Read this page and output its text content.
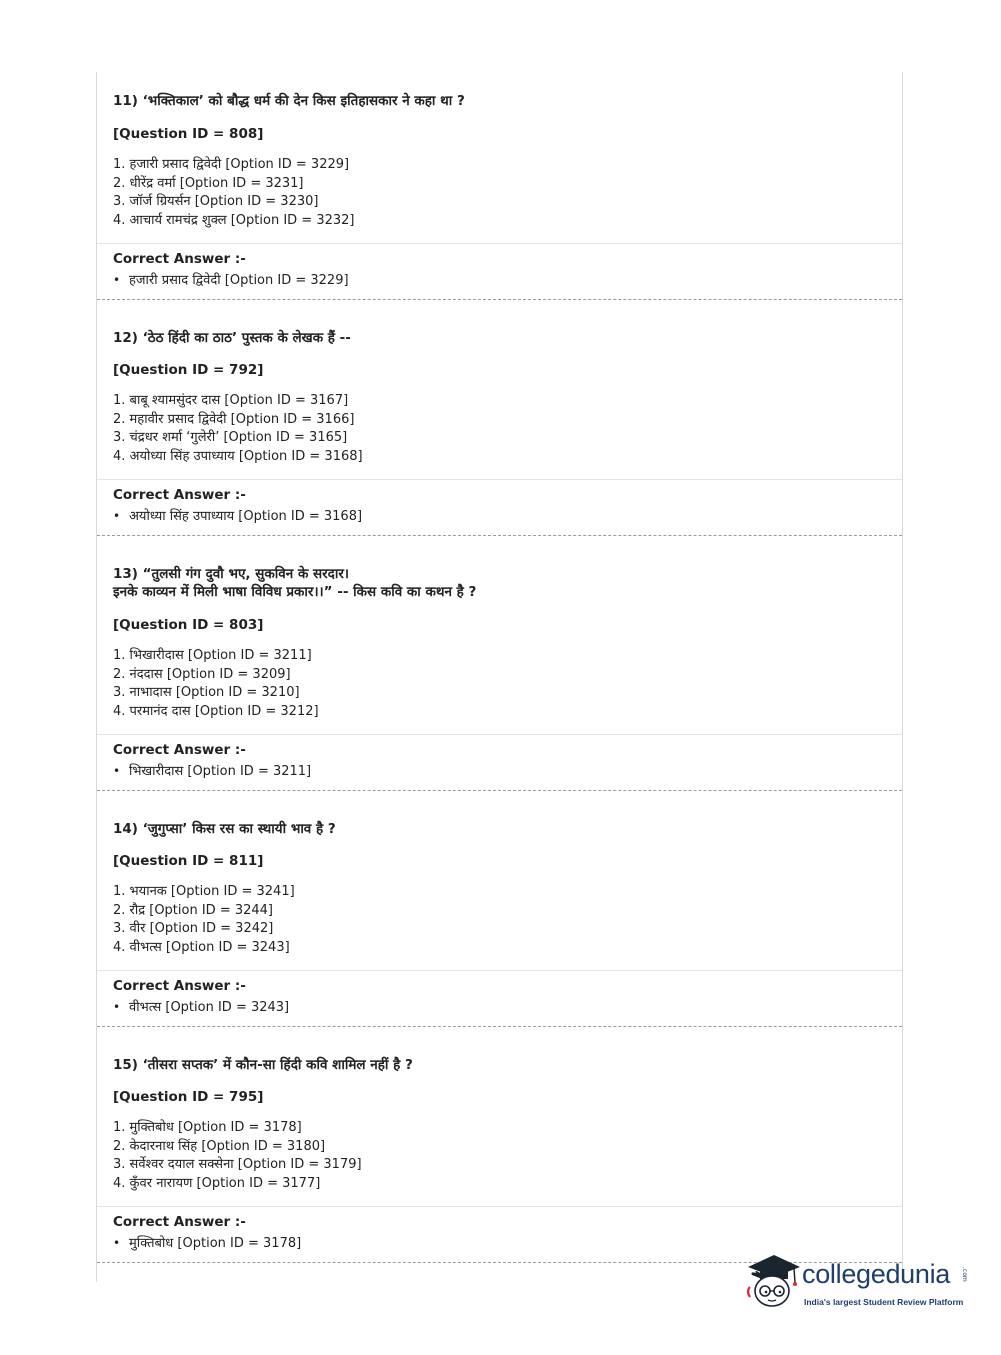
11) ‘भक्तिकाल’ को बौद्ध धर्म की देन किस इतिहासकार ने कहा था ?
[Question ID = 808]
1. हजारी प्रसाद द्विवेदी [Option ID = 3229]
2. धीरेंद्र वर्मा [Option ID = 3231]
3. जॉर्ज ग्रियर्सन [Option ID = 3230]
4. आचार्य रामचंद्र शुक्ल [Option ID = 3232]
Correct Answer :-
• हजारी प्रसाद द्विवेदी [Option ID = 3229]
12) ‘ठेठ हिंदी का ठाठ’ पुस्तक के लेखक हैं --
[Question ID = 792]
1. बाबू श्यामसुंदर दास [Option ID = 3167]
2. महावीर प्रसाद द्विवेदी [Option ID = 3166]
3. चंद्रधर शर्मा ‘गुलेरी’ [Option ID = 3165]
4. अयोध्या सिंह उपाध्याय [Option ID = 3168]
Correct Answer :-
• अयोध्या सिंह उपाध्याय [Option ID = 3168]
13) “तुलसी गंग दुवौ भए, सुकविन के सरदार।
इनके काव्यन में मिली भाषा विविध प्रकार।।” -- किस कवि का कथन है ?
[Question ID = 803]
1. भिखारीदास [Option ID = 3211]
2. नंददास [Option ID = 3209]
3. नाभादास [Option ID = 3210]
4. परमानंद दास [Option ID = 3212]
Correct Answer :-
• भिखारीदास [Option ID = 3211]
14) ‘जुगुप्सा’ किस रस का स्थायी भाव है ?
[Question ID = 811]
1. भयानक [Option ID = 3241]
2. रौद्र [Option ID = 3244]
3. वीर [Option ID = 3242]
4. वीभत्स [Option ID = 3243]
Correct Answer :-
• वीभत्स [Option ID = 3243]
15) ‘तीसरा सप्तक’ में कौन-सा हिंदी कवि शामिल नहीं है ?
[Question ID = 795]
1. मुक्तिबोध [Option ID = 3178]
2. केदारनाथ सिंह [Option ID = 3180]
3. सर्वेश्वर दयाल सक्सेना [Option ID = 3179]
4. कुँवर नारायण [Option ID = 3177]
Correct Answer :-
• मुक्तिबोध [Option ID = 3178]
collegedunia .com
India's largest Student Review Platform
